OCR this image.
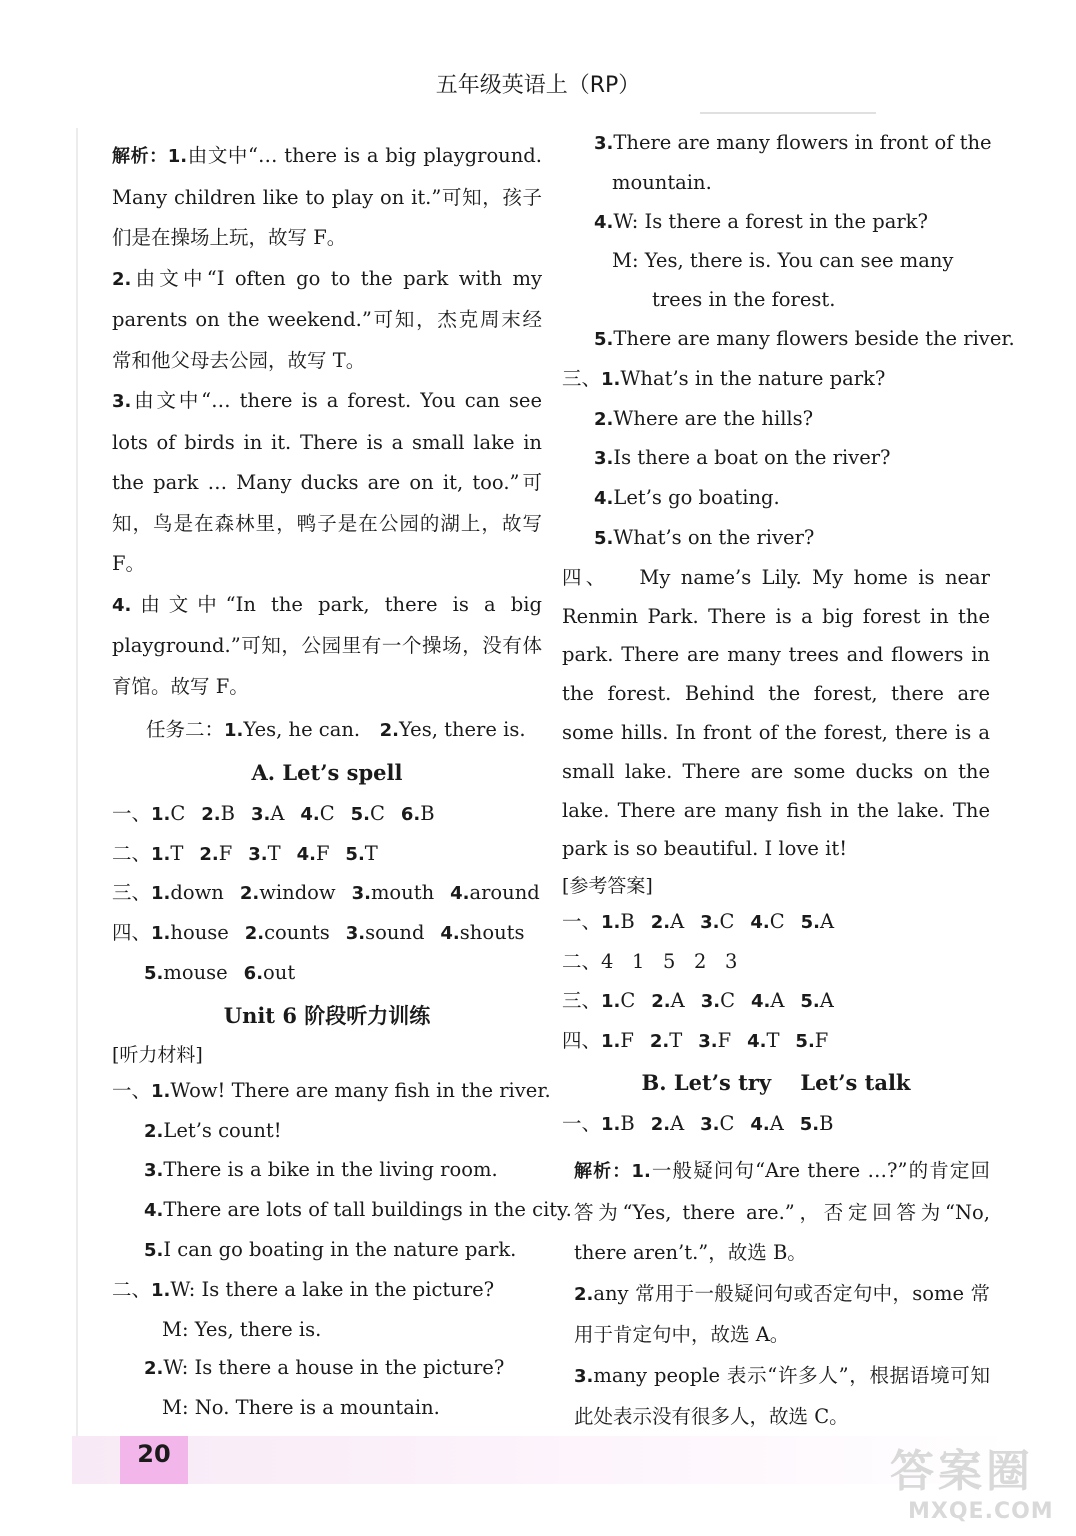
五年级英语上（RP）
解析：1.由文中“… there is a big playground. Many children like to play on it.”可知，孩子们是在操场上玩，故写 F。
2.由文中“I often go to the park with my parents on the weekend.”可知，杰克周末经常和他父母去公园，故写 T。
3.由文中“… there is a forest. You can see lots of birds in it. There is a small lake in the park … Many ducks are on it, too.”可知，鸟是在森林里，鸭子是在公园的湖上，故写 F。
4.由文中“In the park, there is a big playground.”可知，公园里有一个操场，没有体育馆。故写 F。
任务二：1.Yes, he can.  2.Yes, there is.
A. Let’s spell
一、1.C  2.B  3.A  4.C  5.C  6.B
二、1.T  2.F  3.T  4.F  5.T
三、1.down  2.window  3.mouth  4.around
四、1.house  2.counts  3.sound  4.shouts
5.mouse  6.out
Unit 6 阶段听力训练
[听力材料]
一、1.Wow! There are many fish in the river.
2.Let’s count!
3.There is a bike in the living room.
4.There are lots of tall buildings in the city.
5.I can go boating in the nature park.
二、1.W: Is there a lake in the picture?
M: Yes, there is.
2.W: Is there a house in the picture?
M: No. There is a mountain.
3.There are many flowers in front of the
mountain.
4.W: Is there a forest in the park?
M: Yes, there is. You can see many
trees in the forest.
5.There are many flowers beside the river.
三、1.What’s in the nature park?
2.Where are the hills?
3.Is there a boat on the river?
4.Let’s go boating.
5.What’s on the river?
四、  My name’s Lily. My home is near Renmin Park. There is a big forest in the park. There are many trees and flowers in the forest. Behind the forest, there are some hills. In front of the forest, there is a small lake. There are some ducks on the lake. There are many fish in the lake. The park is so beautiful. I love it!
[参考答案]
一、1.B  2.A  3.C  4.C  5.A
二、4   1   5   2   3
三、1.C  2.A  3.C  4.A  5.A
四、1.F  2.T  3.F  4.T  5.F
B. Let’s try    Let’s talk
一、1.B  2.A  3.C  4.A  5.B
解析：1.一般疑问句“Are there …?”的肯定回答为“Yes, there are.”，否定回答为“No, there aren’t.”，故选 B。
2.any 常用于一般疑问句或否定句中，some 常用于肯定句中，故选 A。
3.many people 表示“许多人”，根据语境可知此处表示没有很多人，故选 C。
20	答案圈
MXQE.COM
